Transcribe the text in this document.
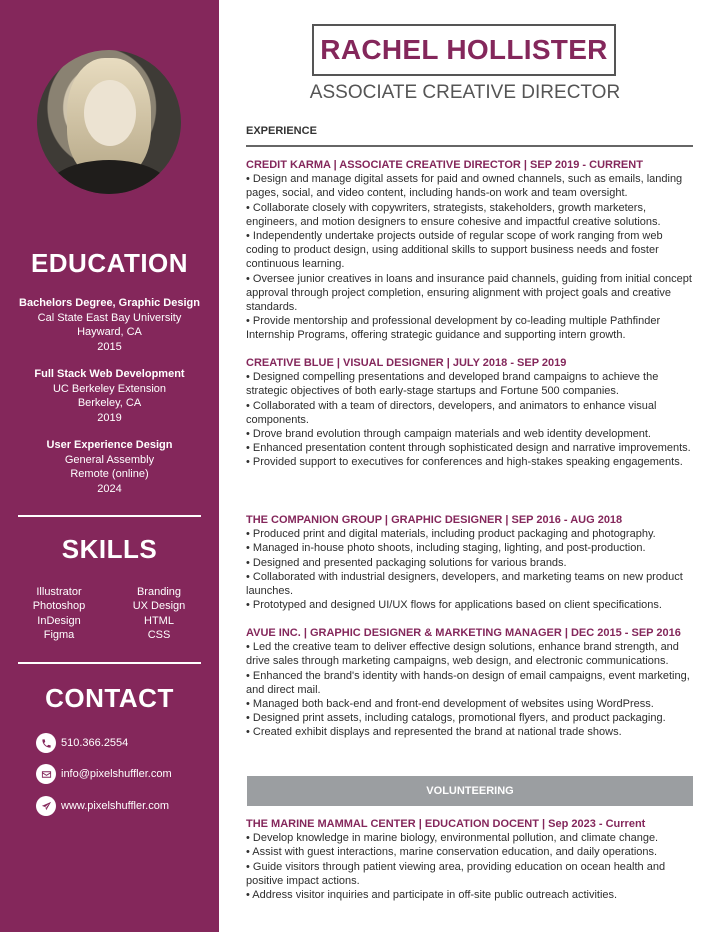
EDUCATION
Bachelors Degree, Graphic Design
Cal State East Bay University
Hayward, CA
2015
Full Stack Web Development
UC Berkeley Extension
Berkeley, CA
2019
User Experience Design
General Assembly
Remote (online)
2024
SKILLS
Illustrator
Photoshop
InDesign
Figma
Branding
UX Design
HTML
CSS
CONTACT
510.366.2554
info@pixelshuffler.com
www.pixelshuffler.com
RACHEL HOLLISTER
ASSOCIATE CREATIVE DIRECTOR
EXPERIENCE
CREDIT KARMA | ASSOCIATE CREATIVE DIRECTOR | SEP 2019 - CURRENT
• Design and manage digital assets for paid and owned channels, such as emails, landing pages, social, and video content, including hands-on work and team oversight.
• Collaborate closely with copywriters, strategists, stakeholders, growth marketers, engineers, and motion designers to ensure cohesive and impactful creative solutions.
• Independently undertake projects outside of regular scope of work ranging from web coding to product design, using additional skills to support business needs and foster continuous learning.
• Oversee junior creatives in loans and insurance paid channels, guiding from initial concept approval through project completion, ensuring alignment with project goals and creative standards.
• Provide mentorship and professional development by co-leading multiple Pathfinder Internship Programs, offering strategic guidance and supporting intern growth.
CREATIVE BLUE | VISUAL DESIGNER | JULY 2018 - SEP 2019
• Designed compelling presentations and developed brand campaigns to achieve the strategic objectives of both early-stage startups and Fortune 500 companies.
• Collaborated with a team of directors, developers, and animators to enhance visual components.
• Drove brand evolution through campaign materials and web identity development.
• Enhanced presentation content through sophisticated design and narrative improvements.
• Provided support to executives for conferences and high-stakes speaking engagements.
THE COMPANION GROUP | GRAPHIC DESIGNER | SEP 2016 - AUG 2018
• Produced print and digital materials, including product packaging and photography.
• Managed in-house photo shoots, including staging, lighting, and post-production.
• Designed and presented packaging solutions for various brands.
• Collaborated with industrial designers, developers, and marketing teams on new product launches.
• Prototyped and designed UI/UX flows for applications based on client specifications.
AVUE INC. | GRAPHIC DESIGNER & MARKETING MANAGER | DEC 2015 - SEP 2016
• Led the creative team to deliver effective design solutions, enhance brand strength, and drive sales through marketing campaigns, web design, and electronic communications.
• Enhanced the brand's identity with hands-on design of email campaigns, event marketing, and direct mail.
• Managed both back-end and front-end development of websites using WordPress.
• Designed print assets, including catalogs, promotional flyers, and product packaging.
• Created exhibit displays and represented the brand at national trade shows.
VOLUNTEERING
THE MARINE MAMMAL CENTER | EDUCATION DOCENT | Sep 2023 - Current
• Develop knowledge in marine biology, environmental pollution, and climate change.
• Assist with guest interactions, marine conservation education, and daily operations.
• Guide visitors through patient viewing area, providing education on ocean health and positive impact actions.
• Address visitor inquiries and participate in off-site public outreach activities.
